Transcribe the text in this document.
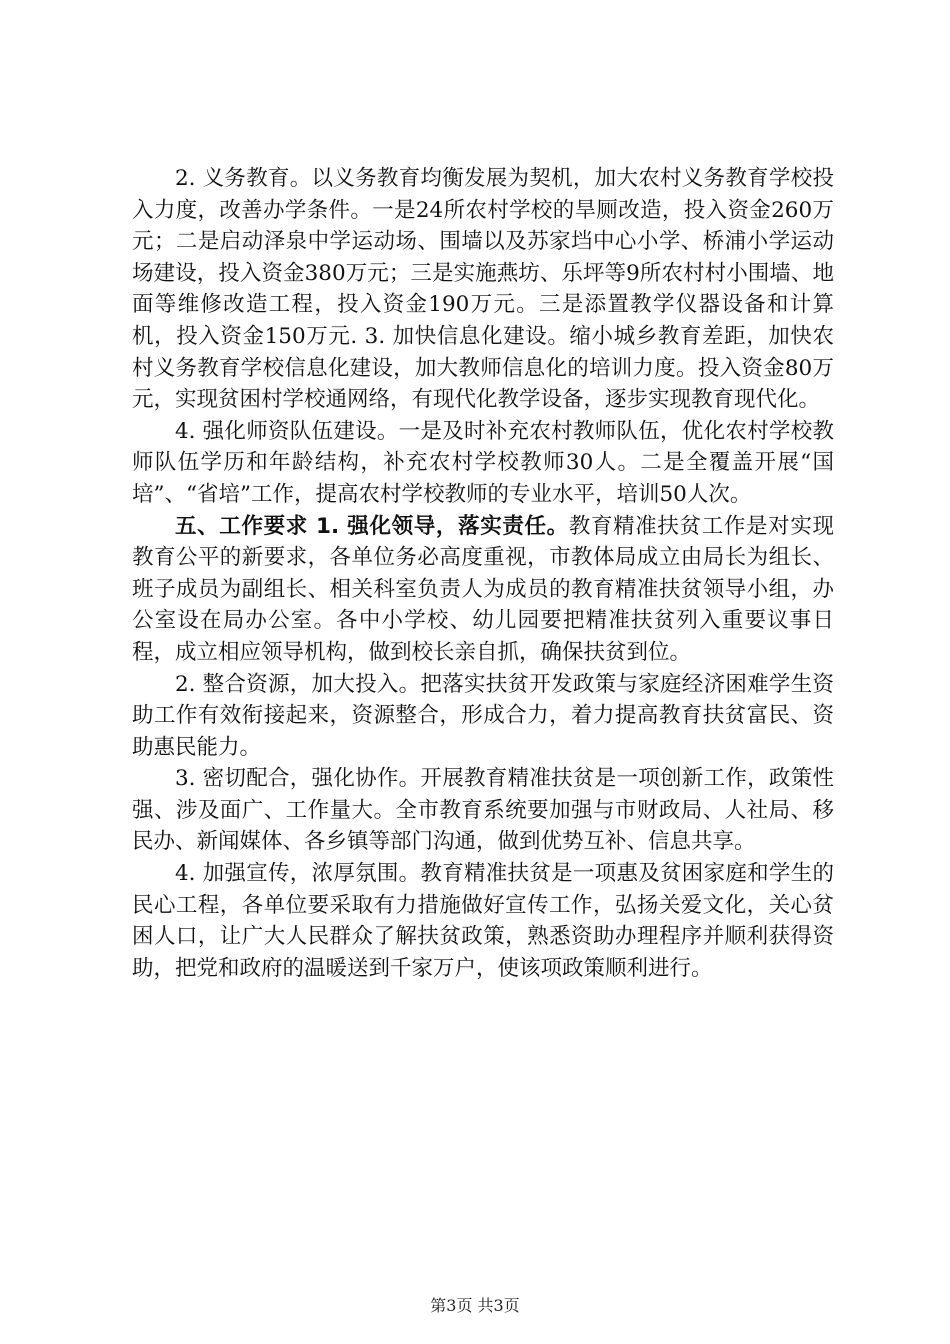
2. 义务教育。以义务教育均衡发展为契机，加大农村义务教育学校投入力度，改善办学条件。一是24所农村学校的旱厕改造，投入资金260万元；二是启动泽泉中学运动场、围墙以及苏家垱中心小学、桥浦小学运动场建设，投入资金380万元；三是实施燕坊、乐坪等9所农村村小围墙、地面等维修改造工程，投入资金190万元。三是添置教学仪器设备和计算机，投入资金150万元. 3. 加快信息化建设。缩小城乡教育差距，加快农村义务教育学校信息化建设，加大教师信息化的培训力度。投入资金80万元，实现贫困村学校通网络，有现代化教学设备，逐步实现教育现代化。

4. 强化师资队伍建设。一是及时补充农村教师队伍，优化农村学校教师队伍学历和年龄结构，补充农村学校教师30人。二是全覆盖开展“国培”、“省培”工作，提高农村学校教师的专业水平，培训50人次。

五、工作要求 1. 强化领导，落实责任。教育精准扶贫工作是对实现教育公平的新要求，各单位务必高度重视，市教体局成立由局长为组长、班子成员为副组长、相关科室负责人为成员的教育精准扶贫领导小组，办公室设在局办公室。各中小学校、幼儿园要把精准扶贫列入重要议事日程，成立相应领导机构，做到校长亲自抓，确保扶贫到位。

2. 整合资源，加大投入。把落实扶贫开发政策与家庭经济困难学生资助工作有效衔接起来，资源整合，形成合力，着力提高教育扶贫富民、资助惠民能力。

3. 密切配合，强化协作。开展教育精准扶贫是一项创新工作，政策性强、涉及面广、工作量大。全市教育系统要加强与市财政局、人社局、移民办、新闻媒体、各乡镇等部门沟通，做到优势互补、信息共享。

4. 加强宣传，浓厚氛围。教育精准扶贫是一项惠及贫困家庭和学生的民心工程，各单位要采取有力措施做好宣传工作，弘扬关爱文化，关心贫困人口，让广大人民群众了解扶贫政策，熟悉资助办理程序并顺利获得资助，把党和政府的温暖送到千家万户，使该项政策顺利进行。

第3页 共3页
